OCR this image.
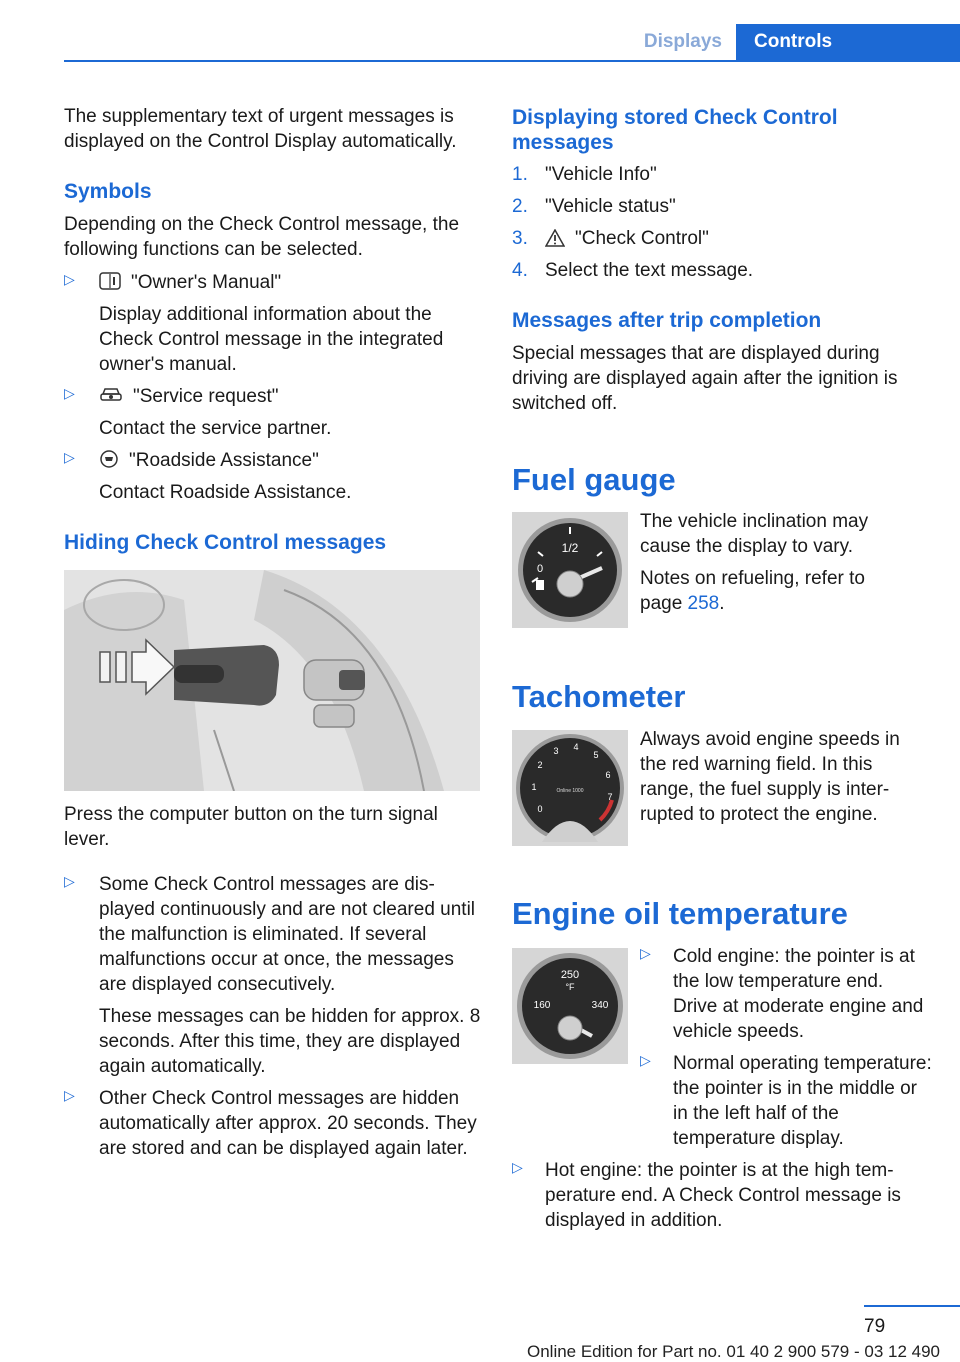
Displays	Controls

The supplementary text of urgent messages is displayed on the Control Display automatically.

Symbols

Depending on the Check Control message, the following functions can be selected.

▷	"Owner's Manual"
Display additional information about the Check Control message in the integrated owner's manual.
▷	"Service request"
Contact the service partner.
▷	"Roadside Assistance"
Contact Roadside Assistance.
Hiding Check Control messages

Press the computer button on the turn signal lever.

▷ Some Check Control messages are displayed continuously and are not cleared until the malfunction is eliminated. If several malfunctions occur at once, the messages are displayed consecutively.
These messages can be hidden for approx. 8 seconds. After this time, they are displayed again automatically.
▷ Other Check Control messages are hidden automatically after approx. 20 seconds. They are stored and can be displayed again later.
Displaying stored Check Control messages
1. "Vehicle Info"
2. "Vehicle status"
3. "Check Control"
4. Select the text message.
Messages after trip completion

Special messages that are displayed during driving are displayed again after the ignition is switched off.

Fuel gauge
1/2
0

The vehicle inclination may cause the display to vary.

Notes on refueling, refer to page 258.

Tachometer
0
1
2
3 4
5
6
7
Online 1000

Always avoid engine speeds in the red warning field. In this range, the fuel supply is interrupted to protect the engine.

Engine oil temperature
250
°F
160	340
▷ Cold engine: the pointer is at the low temperature end. Drive at moderate engine and vehicle speeds.
▷ Normal operating temperature: the pointer is in the middle or in the left half of the temperature display.
▷ Hot engine: the pointer is at the high temperature end. A Check Control message is displayed in addition.
79
Online Edition for Part no. 01 40 2 900 579 - 03 12 490
